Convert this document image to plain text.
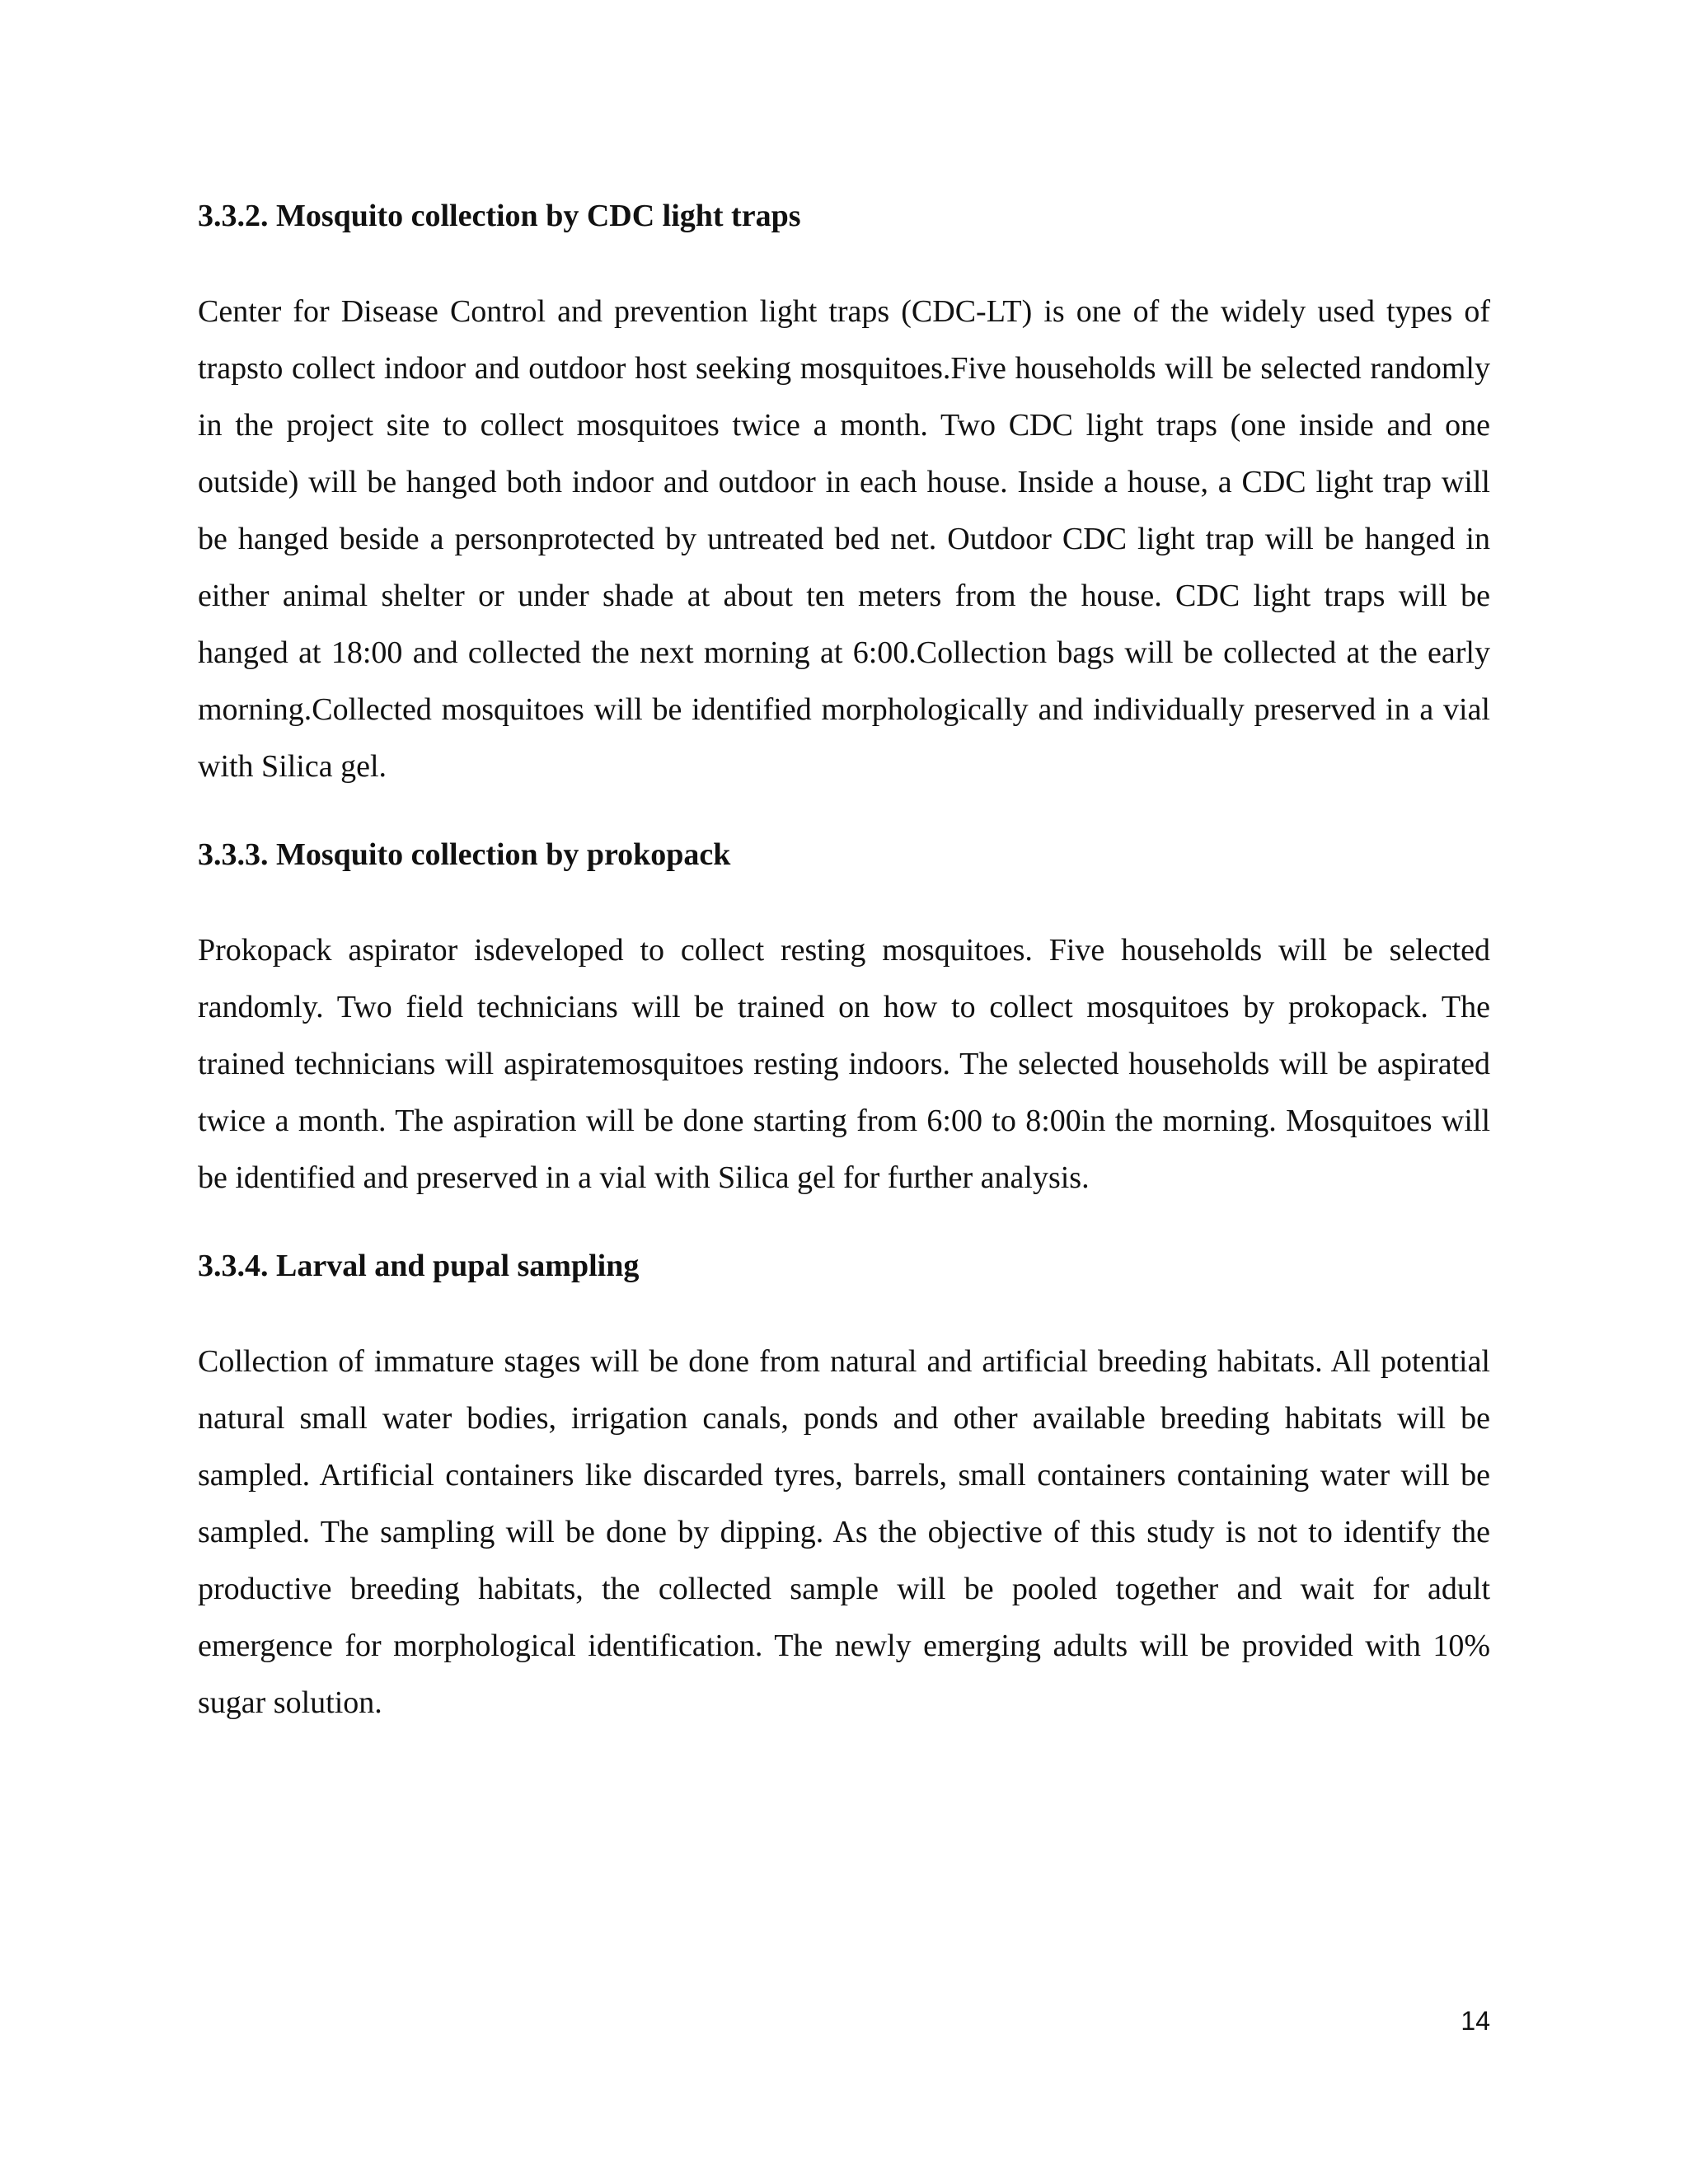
3.3.2. Mosquito collection by CDC light traps
Center for Disease Control and prevention light traps (CDC-LT) is one of the widely used types of trapsto collect indoor and outdoor host seeking mosquitoes.Five households will be selected randomly in the project site to collect mosquitoes twice a month. Two CDC light traps (one inside and one outside) will be hanged both indoor and outdoor in each house. Inside a house, a CDC light trap will be hanged beside a personprotected by untreated bed net. Outdoor CDC light trap will be hanged in either animal shelter or under shade at about ten meters from the house. CDC light traps will be hanged at 18:00 and collected the next morning at 6:00.Collection bags will be collected at the early morning.Collected mosquitoes will be identified morphologically and individually preserved in a vial with Silica gel.
3.3.3. Mosquito collection by prokopack
Prokopack aspirator isdeveloped to collect resting mosquitoes. Five households will be selected randomly. Two field technicians will be trained on how to collect mosquitoes by prokopack. The trained technicians will aspiratemosquitoes resting indoors. The selected households will be aspirated twice a month. The aspiration will be done starting from 6:00 to 8:00in the morning. Mosquitoes will be identified and preserved in a vial with Silica gel for further analysis.
3.3.4. Larval and pupal sampling
Collection of immature stages will be done from natural and artificial breeding habitats. All potential natural small water bodies, irrigation canals, ponds and other available breeding habitats will be sampled. Artificial containers like discarded tyres, barrels, small containers containing water will be sampled. The sampling will be done by dipping. As the objective of this study is not to identify the productive breeding habitats, the collected sample will be pooled together and wait for adult emergence for morphological identification. The newly emerging adults will be provided with 10% sugar solution.
14
